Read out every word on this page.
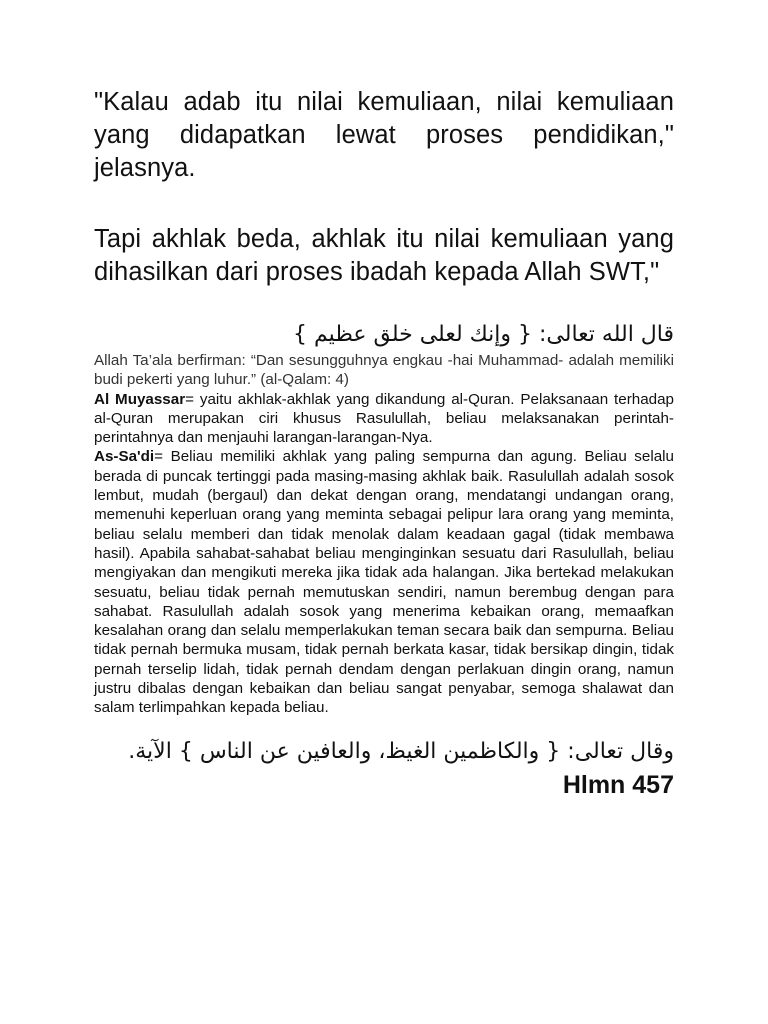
"Kalau adab itu nilai kemuliaan, nilai kemuliaan yang didapatkan lewat proses pendidikan," jelasnya.

Tapi akhlak beda, akhlak itu nilai kemuliaan yang dihasilkan dari proses ibadah kepada Allah SWT,"

قال الله تعالى: { وإنك لعلى خلق عظيم }

Allah Ta’ala berfirman: “Dan sesungguhnya engkau -hai Muhammad- adalah memiliki budi pekerti yang luhur.” (al-Qalam: 4)

Al Muyassar= yaitu akhlak-akhlak yang dikandung al-Quran. Pelaksanaan terhadap al-Quran merupakan ciri khusus Rasulullah, beliau melaksanakan perintah-perintahnya dan menjauhi larangan-larangan-Nya.

As-Sa'di= Beliau memiliki akhlak yang paling sempurna dan agung. Beliau selalu berada di puncak tertinggi pada masing-masing akhlak baik. Rasulullah adalah sosok lembut, mudah (bergaul) dan dekat dengan orang, mendatangi undangan orang, memenuhi keperluan orang yang meminta sebagai pelipur lara orang yang meminta, beliau selalu memberi dan tidak menolak dalam keadaan gagal (tidak membawa hasil). Apabila sahabat-sahabat beliau menginginkan sesuatu dari Rasulullah, beliau mengiyakan dan mengikuti mereka jika tidak ada halangan. Jika bertekad melakukan sesuatu, beliau tidak pernah memutuskan sendiri, namun berembug dengan para sahabat. Rasulullah adalah sosok yang menerima kebaikan orang, memaafkan kesalahan orang dan selalu memperlakukan teman secara baik dan sempurna. Beliau tidak pernah bermuka musam, tidak pernah berkata kasar, tidak bersikap dingin, tidak pernah terselip lidah, tidak pernah dendam dengan perlakuan dingin orang, namun justru dibalas dengan kebaikan dan beliau sangat penyabar, semoga shalawat dan salam terlimpahkan kepada beliau.

وقال تعالى: { والكاظمين الغيظ، والعافين عن الناس } الآية.

Hlmn 457
